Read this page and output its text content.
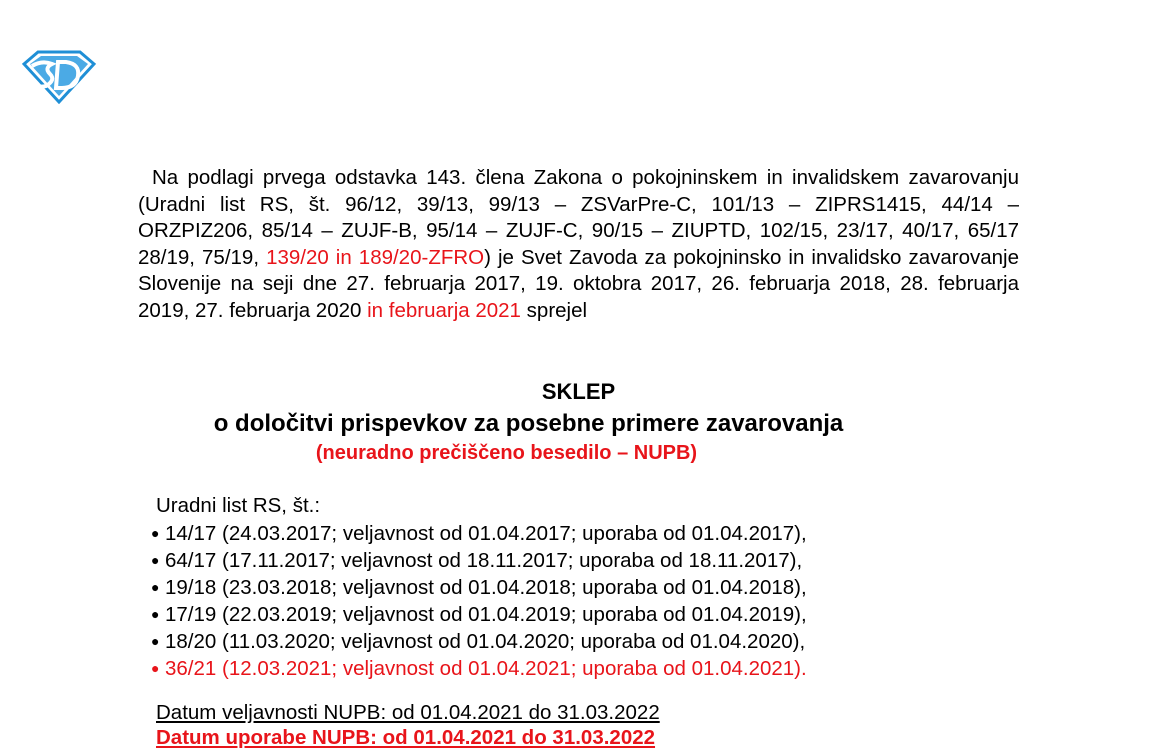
Na podlagi prvega odstavka 143. člena Zakona o pokojninskem in invalidskem zavarovanju (Uradni list RS, št. 96/12, 39/13, 99/13 – ZSVarPre-C, 101/13 – ZIPRS1415, 44/14 – ORZPIZ206, 85/14 – ZUJF-B, 95/14 – ZUJF-C, 90/15 – ZIUPTD, 102/15, 23/17, 40/17, 65/17 28/19, 75/19, 139/20 in 189/20-ZFRO) je Svet Zavoda za pokojninsko in invalidsko zavarovanje Slovenije na seji dne 27. februarja 2017, 19. oktobra 2017, 26. februarja 2018, 28. februarja 2019, 27. februarja 2020 in februarja 2021 sprejel
SKLEP
o določitvi prispevkov za posebne primere zavarovanja
(neuradno prečiščeno besedilo – NUPB)
Uradni list RS, št.:
● 14/17 (24.03.2017; veljavnost od 01.04.2017; uporaba od 01.04.2017),
● 64/17 (17.11.2017; veljavnost od 18.11.2017; uporaba od 18.11.2017),
● 19/18 (23.03.2018; veljavnost od 01.04.2018; uporaba od 01.04.2018),
● 17/19 (22.03.2019; veljavnost od 01.04.2019; uporaba od 01.04.2019),
● 18/20 (11.03.2020; veljavnost od 01.04.2020; uporaba od 01.04.2020),
● 36/21 (12.03.2021; veljavnost od 01.04.2021; uporaba od 01.04.2021).
Datum veljavnosti NUPB: od 01.04.2021 do 31.03.2022
Datum uporabe NUPB: od 01.04.2021 do 31.03.2022
